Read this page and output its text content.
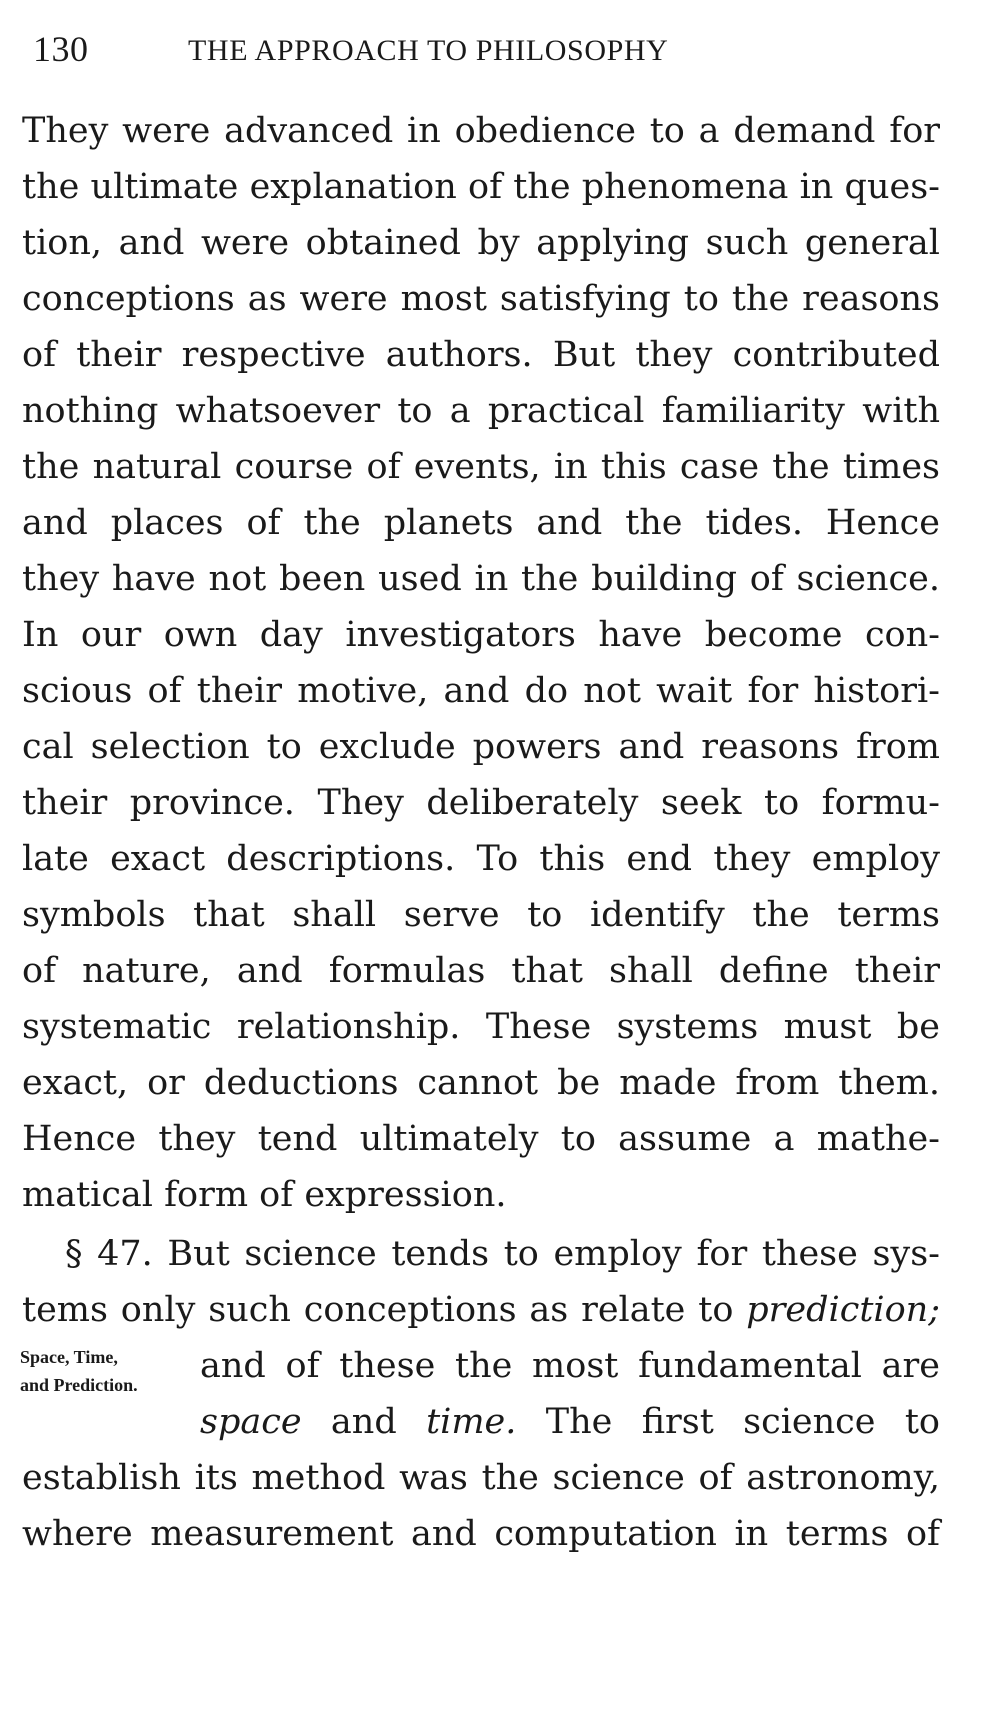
130	THE APPROACH TO PHILOSOPHY
They were advanced in obedience to a demand for
the ultimate explanation of the phenomena in ques-
tion, and were obtained by applying such general
conceptions as were most satisfying to the reasons
of their respective authors. But they contributed
nothing whatsoever to a practical familiarity with
the natural course of events, in this case the times
and places of the planets and the tides. Hence
they have not been used in the building of science.
In our own day investigators have become con-
scious of their motive, and do not wait for histori-
cal selection to exclude powers and reasons from
their province. They deliberately seek to formu-
late exact descriptions. To this end they employ
symbols that shall serve to identify the terms
of nature, and formulas that shall define their
systematic relationship. These systems must be
exact, or deductions cannot be made from them.
Hence they tend ultimately to assume a mathe-
matical form of expression.
§ 47. But science tends to employ for these sys-
tems only such conceptions as relate to prediction;
Space, Time,
and Prediction. and of these the most fundamental are
space and time. The first science to
establish its method was the science of astronomy,
where measurement and computation in terms of
